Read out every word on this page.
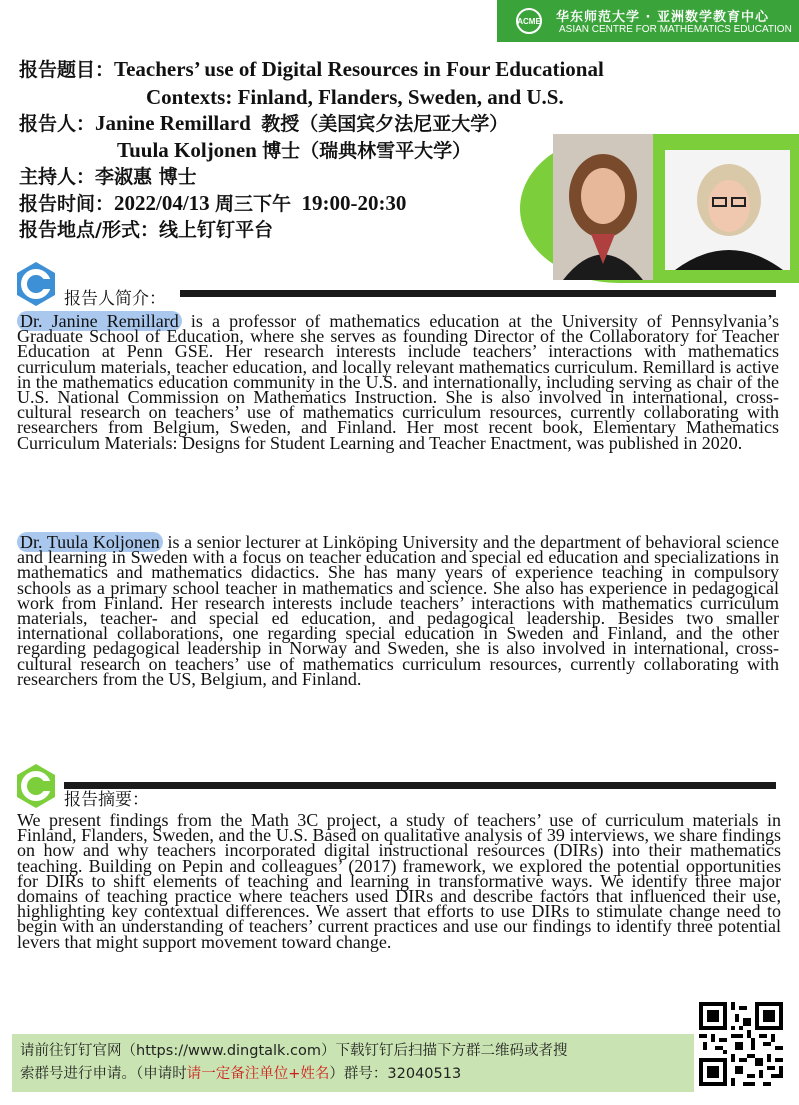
ACME 华东师范大学 · 亚洲数学教育中心
ASIAN CENTRE FOR MATHEMATICS EDUCATION
报告题目：Teachers’ use of Digital Resources in Four Educational
Contexts: Finland, Flanders, Sweden, and U.S.
报告人：Janine Remillard 教授（美国宾夕法尼亚大学）
Tuula Koljonen 博士（瑞典林雪平大学）
主持人：李淑惠 博士
报告时间：2022/04/13 周三下午 19:00-20:30
报告地点/形式：线上钉钉平台
报告人简介：

Dr. Janine Remillard is a professor of mathematics education at the University of Pennsylvania’s Graduate School of Education, where she serves as founding Director of the Collaboratory for Teacher Education at Penn GSE. Her research interests include teachers’ interactions with mathematics curriculum materials, teacher education, and locally relevant mathematics curriculum. Remillard is active in the mathematics education community in the U.S. and internationally, including serving as chair of the U.S. National Commission on Mathematics Instruction. She is also involved in international, cross-cultural research on teachers’ use of mathematics curriculum resources, currently collaborating with researchers from Belgium, Sweden, and Finland. Her most recent book, Elementary Mathematics Curriculum Materials: Designs for Student Learning and Teacher Enactment, was published in 2020.

Dr. Tuula Koljonen is a senior lecturer at Linköping University and the department of behavioral science and learning in Sweden with a focus on teacher education and special ed education and specializations in mathematics and mathematics didactics. She has many years of experience teaching in compulsory schools as a primary school teacher in mathematics and science. She also has experience in pedagogical work from Finland. Her research interests include teachers’ interactions with mathematics curriculum materials, teacher- and special ed education, and pedagogical leadership. Besides two smaller international collaborations, one regarding special education in Sweden and Finland, and the other regarding pedagogical leadership in Norway and Sweden, she is also involved in international, cross-cultural research on teachers’ use of mathematics curriculum resources, currently collaborating with researchers from the US, Belgium, and Finland.

报告摘要：

We present findings from the Math 3C project, a study of teachers’ use of curriculum materials in Finland, Flanders, Sweden, and the U.S. Based on qualitative analysis of 39 interviews, we share findings on how and why teachers incorporated digital instructional resources (DIRs) into their mathematics teaching. Building on Pepin and colleagues’ (2017) framework, we explored the potential opportunities for DIRs to shift elements of teaching and learning in transformative ways. We identify three major domains of teaching practice where teachers used DIRs and describe factors that influenced their use, highlighting key contextual differences. We assert that efforts to use DIRs to stimulate change need to begin with an understanding of teachers’ current practices and use our findings to identify three potential levers that might support movement toward change.

请前往钉钉官网（https://www.dingtalk.com）下载钉钉后扫描下方群二维码或者搜
索群号进行申请。（申请时请一定备注单位+姓名）群号：32040513
